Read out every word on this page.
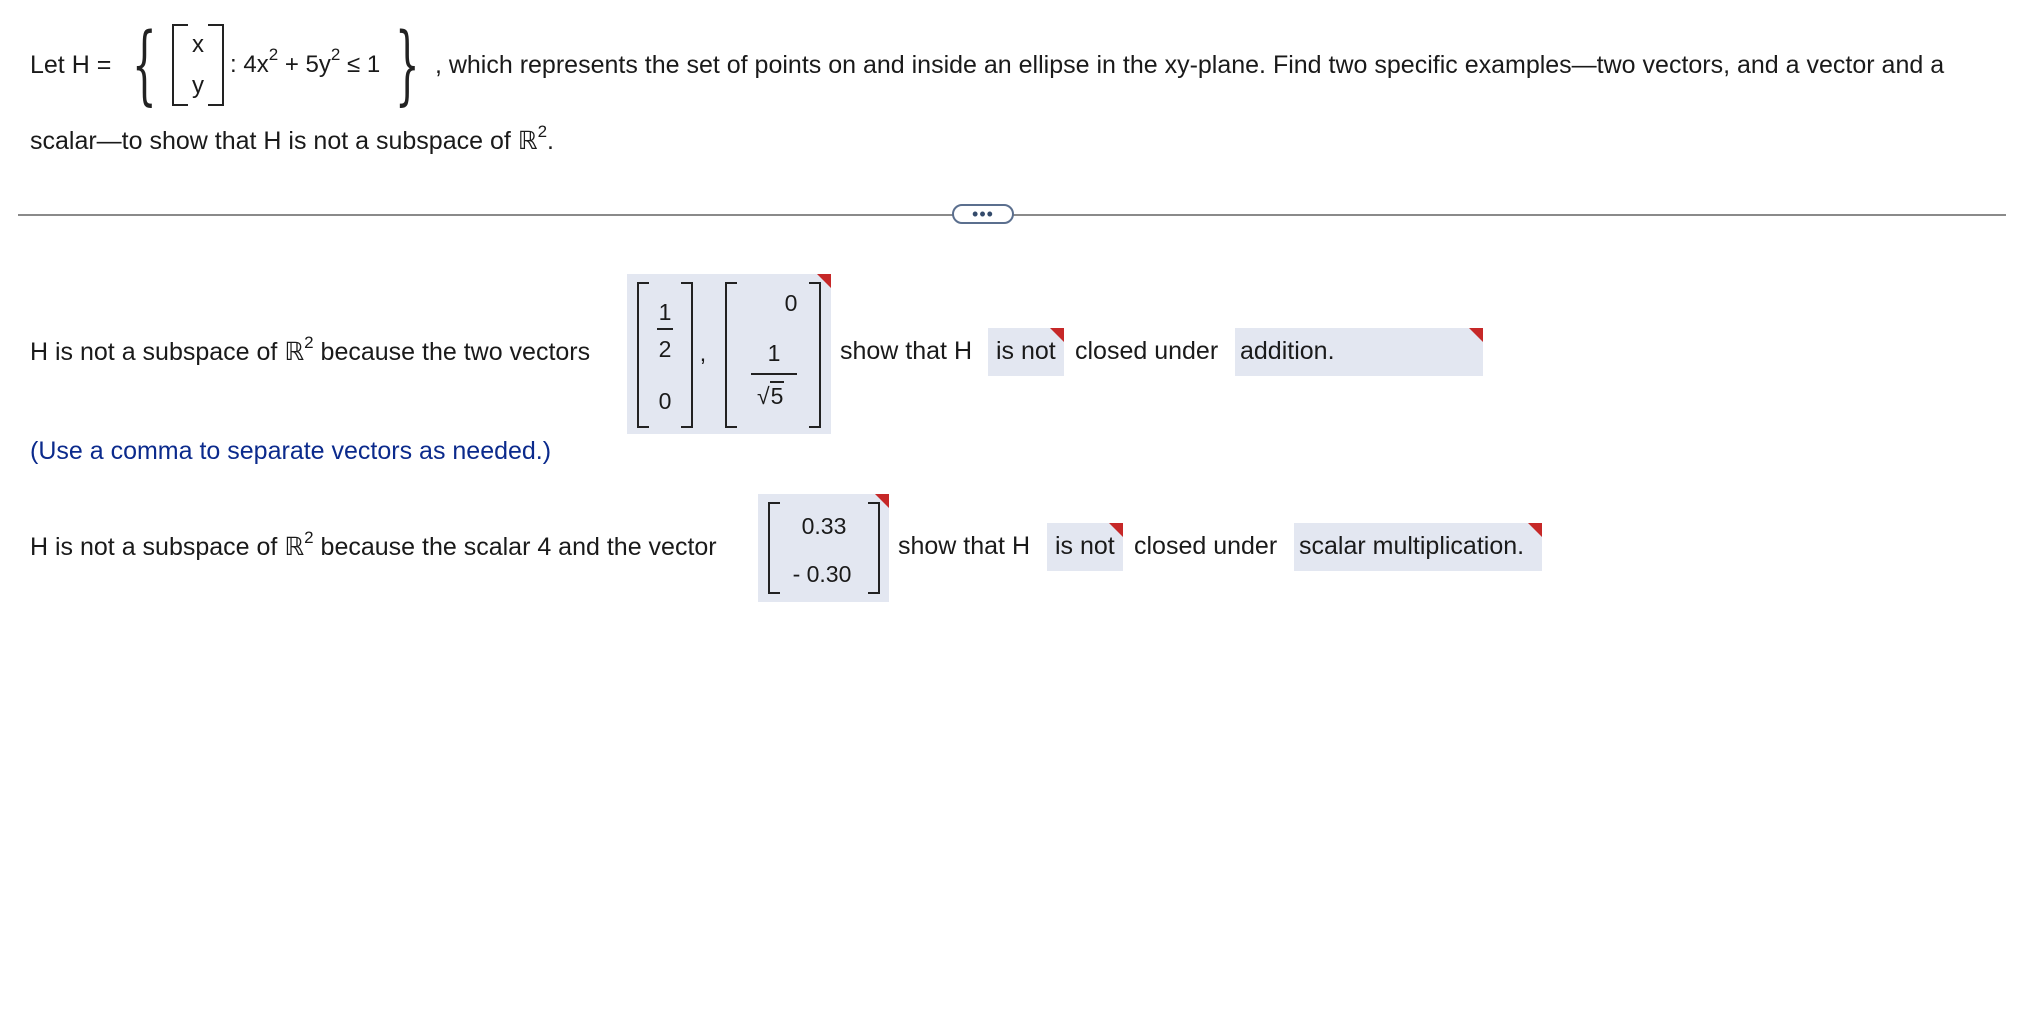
Let H = { x
y
: $4x^2 + 5y^2 \le 1$ } , which represents the set of points on and inside an ellipse in the xy-plane. Find two specific examples—two vectors, and a vector and a
scalar—to show that H is not a subspace of ℝ$^2$.
•••
H is not a subspace of ℝ$^2$ because the two vectors
1
2
0
,
0
1
√5
show that H is not closed under addition.
(Use a comma to separate vectors as needed.)
H is not a subspace of ℝ$^2$ because the scalar 4 and the vector
0.33
- 0.30
show that H is not closed under scalar multiplication.
